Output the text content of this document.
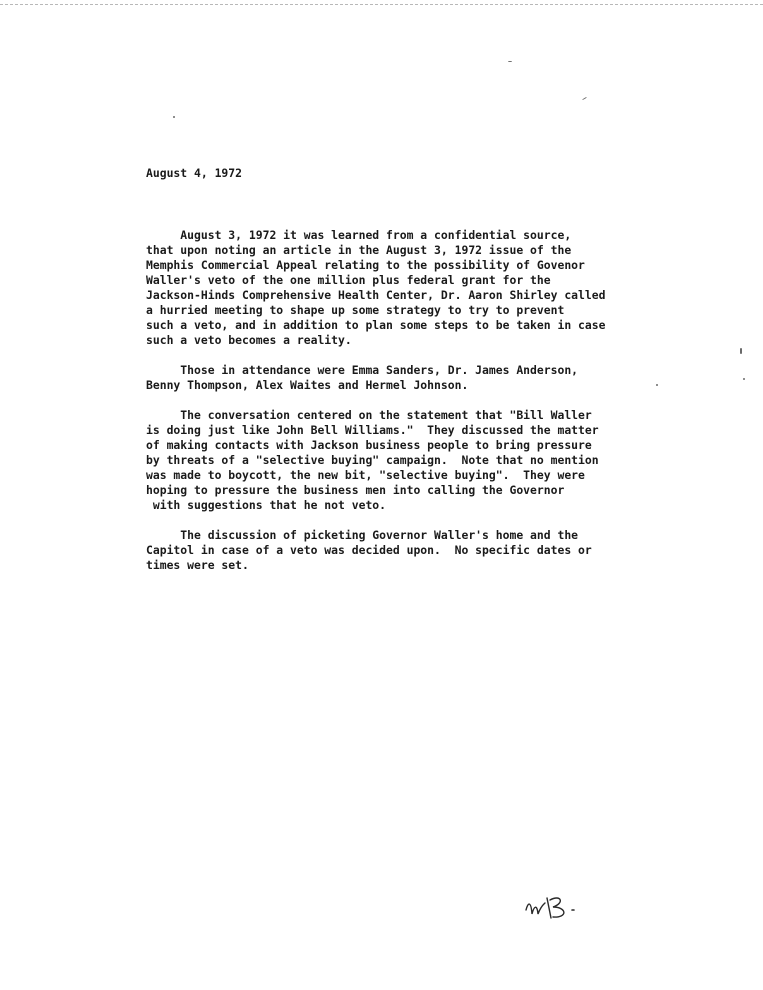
August 4, 1972
August 3, 1972 it was learned from a confidential source,
that upon noting an article in the August 3, 1972 issue of the
Memphis Commercial Appeal relating to the possibility of Govenor
Waller's veto of the one million plus federal grant for the
Jackson-Hinds Comprehensive Health Center, Dr. Aaron Shirley called
a hurried meeting to shape up some strategy to try to prevent
such a veto, and in addition to plan some steps to be taken in case
such a veto becomes a reality.
Those in attendance were Emma Sanders, Dr. James Anderson,
Benny Thompson, Alex Waites and Hermel Johnson.
The conversation centered on the statement that "Bill Waller
is doing just like John Bell Williams."  They discussed the matter
of making contacts with Jackson business people to bring pressure
by threats of a "selective buying" campaign.  Note that no mention
was made to boycott, the new bit, "selective buying".  They were
hoping to pressure the business men into calling the Governor
with suggestions that he not veto.
The discussion of picketing Governor Waller's home and the
Capitol in case of a veto was decided upon.  No specific dates or
times were set.
